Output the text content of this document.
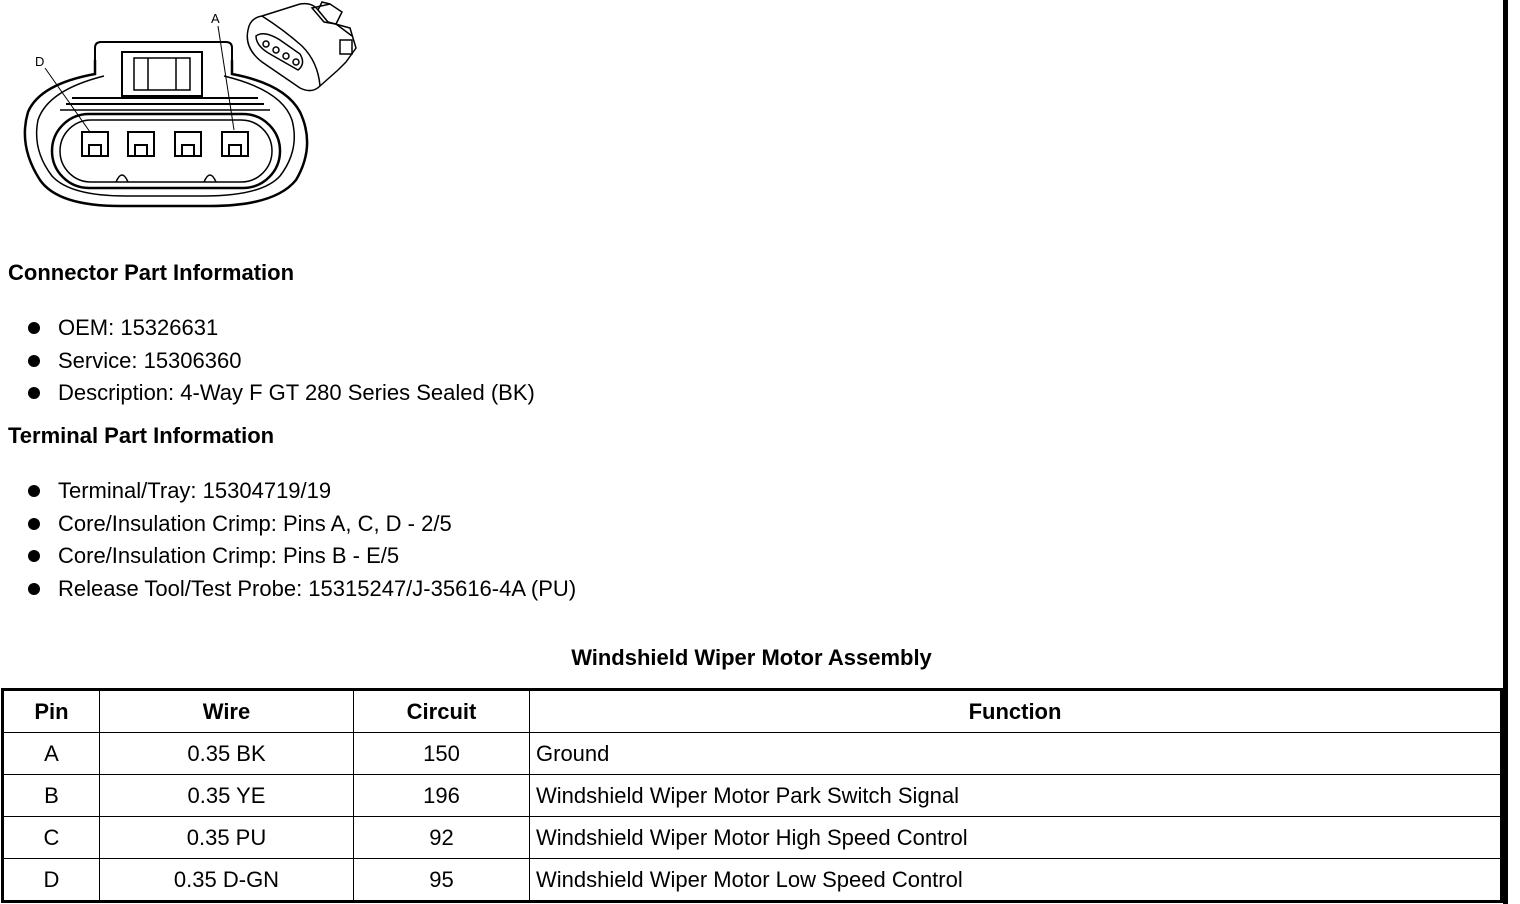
D
A
Connector Part Information
OEM: 15326631
Service: 15306360
Description: 4-Way F GT 280 Series Sealed (BK)
Terminal Part Information
Terminal/Tray: 15304719/19
Core/Insulation Crimp: Pins A, C, D - 2/5
Core/Insulation Crimp: Pins B - E/5
Release Tool/Test Probe: 15315247/J-35616-4A (PU)
Windshield Wiper Motor Assembly
Pin	Wire	Circuit	Function
A	0.35 BK	150	Ground
B	0.35 YE	196	Windshield Wiper Motor Park Switch Signal
C	0.35 PU	92	Windshield Wiper Motor High Speed Control
D	0.35 D-GN	95	Windshield Wiper Motor Low Speed Control
